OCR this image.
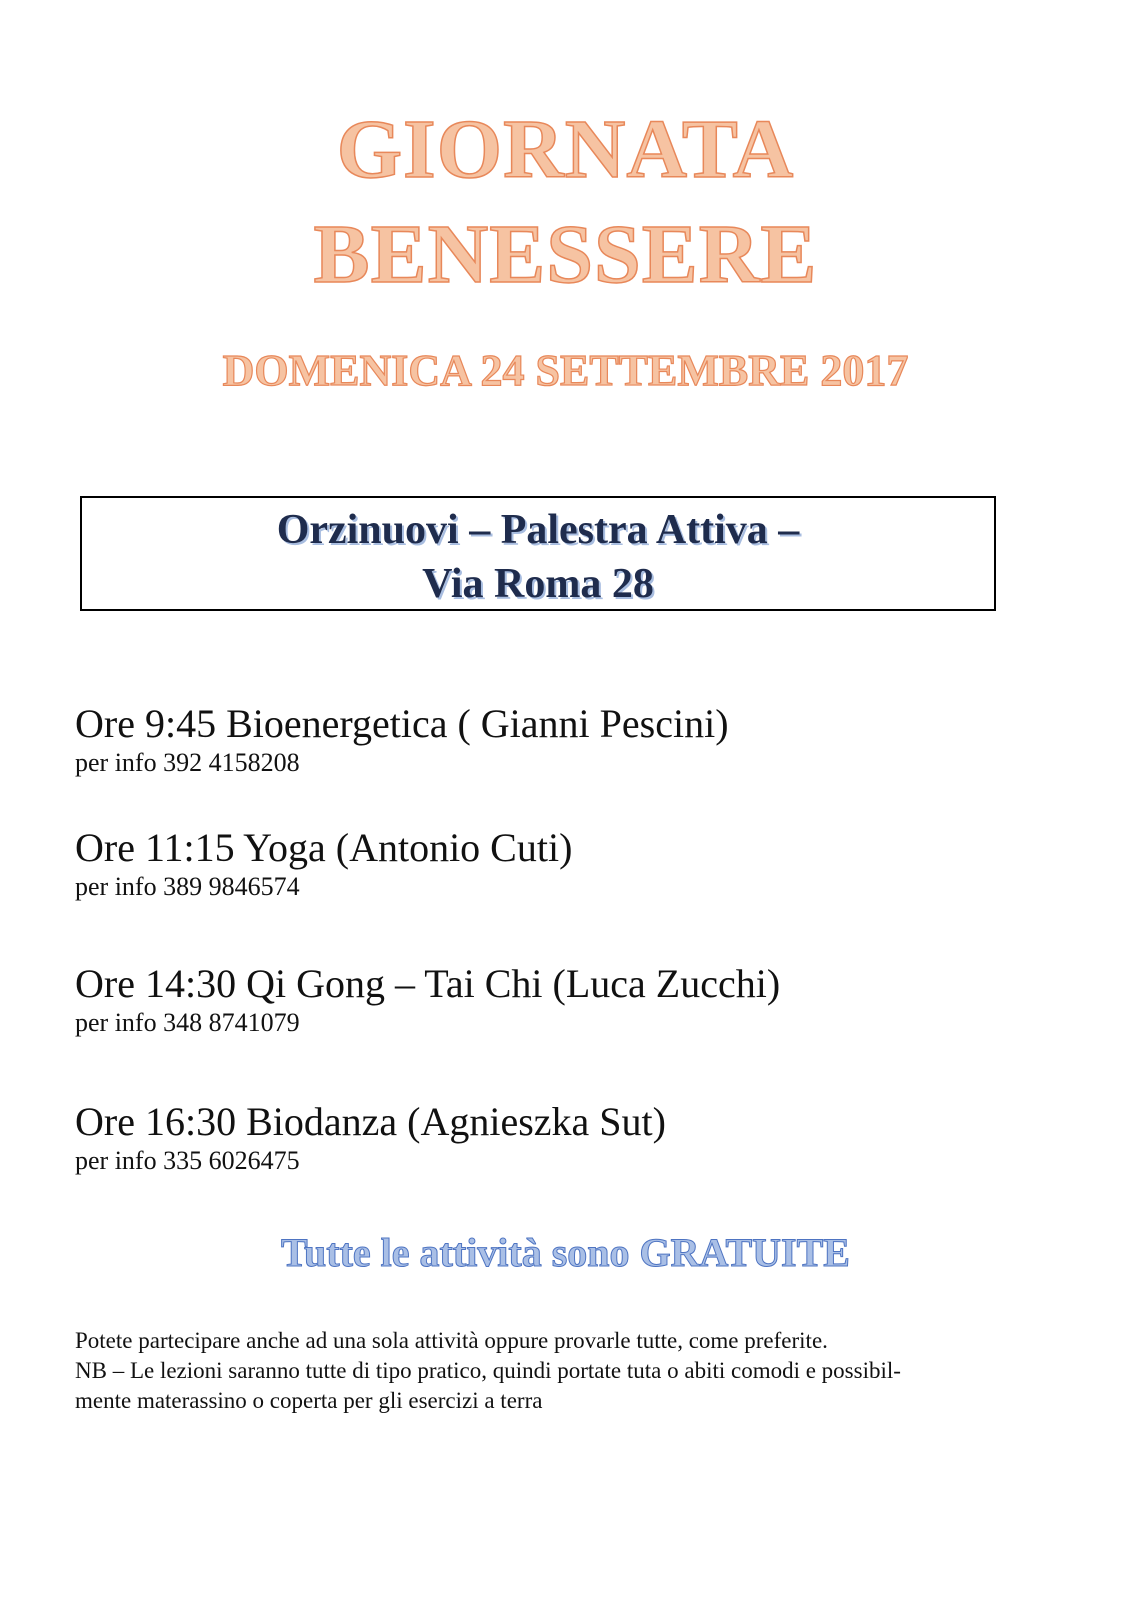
GIORNATA
BENESSERE
DOMENICA 24 SETTEMBRE 2017
Orzinuovi – Palestra Attiva –
Via Roma 28
Ore 9:45 Bioenergetica ( Gianni Pescini)
per info 392 4158208
Ore 11:15 Yoga (Antonio Cuti)
per info 389 9846574
Ore 14:30 Qi Gong – Tai Chi (Luca Zucchi)
per info 348 8741079
Ore 16:30 Biodanza (Agnieszka Sut)
per info 335 6026475
Tutte le attività sono GRATUITE
Potete partecipare anche ad una sola attività oppure provarle tutte, come preferite.
NB – Le lezioni saranno tutte di tipo pratico, quindi portate tuta o abiti comodi e possibil-
mente materassino o coperta per gli esercizi a terra
